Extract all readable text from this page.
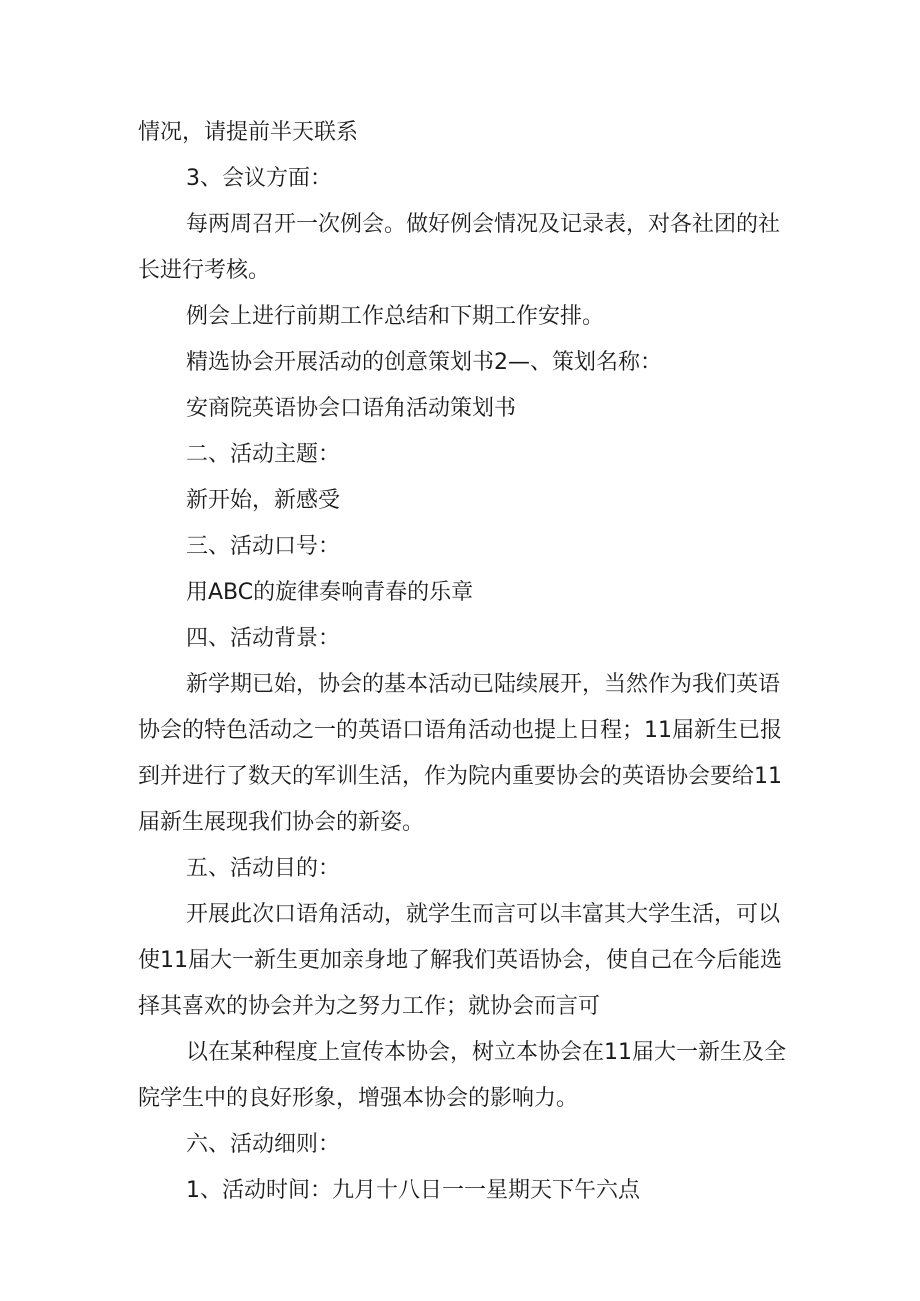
情况，请提前半天联系

3、会议方面：

每两周召开一次例会。做好例会情况及记录表，对各社团的社长进行考核。

例会上进行前期工作总结和下期工作安排。

精选协会开展活动的创意策划书2—、策划名称：

安商院英语协会口语角活动策划书

二、活动主题：

新开始，新感受

三、活动口号：

用ABC的旋律奏响青春的乐章

四、活动背景：

新学期已始，协会的基本活动已陆续展开，当然作为我们英语协会的特色活动之一的英语口语角活动也提上日程；11届新生已报到并进行了数天的军训生活，作为院内重要协会的英语协会要给11届新生展现我们协会的新姿。

五、活动目的：

开展此次口语角活动，就学生而言可以丰富其大学生活，可以使11届大一新生更加亲身地了解我们英语协会，使自己在今后能选择其喜欢的协会并为之努力工作；就协会而言可

以在某种程度上宣传本协会，树立本协会在11届大一新生及全院学生中的良好形象，增强本协会的影响力。

六、活动细则：

1、活动时间：九月十八日一一星期天下午六点
